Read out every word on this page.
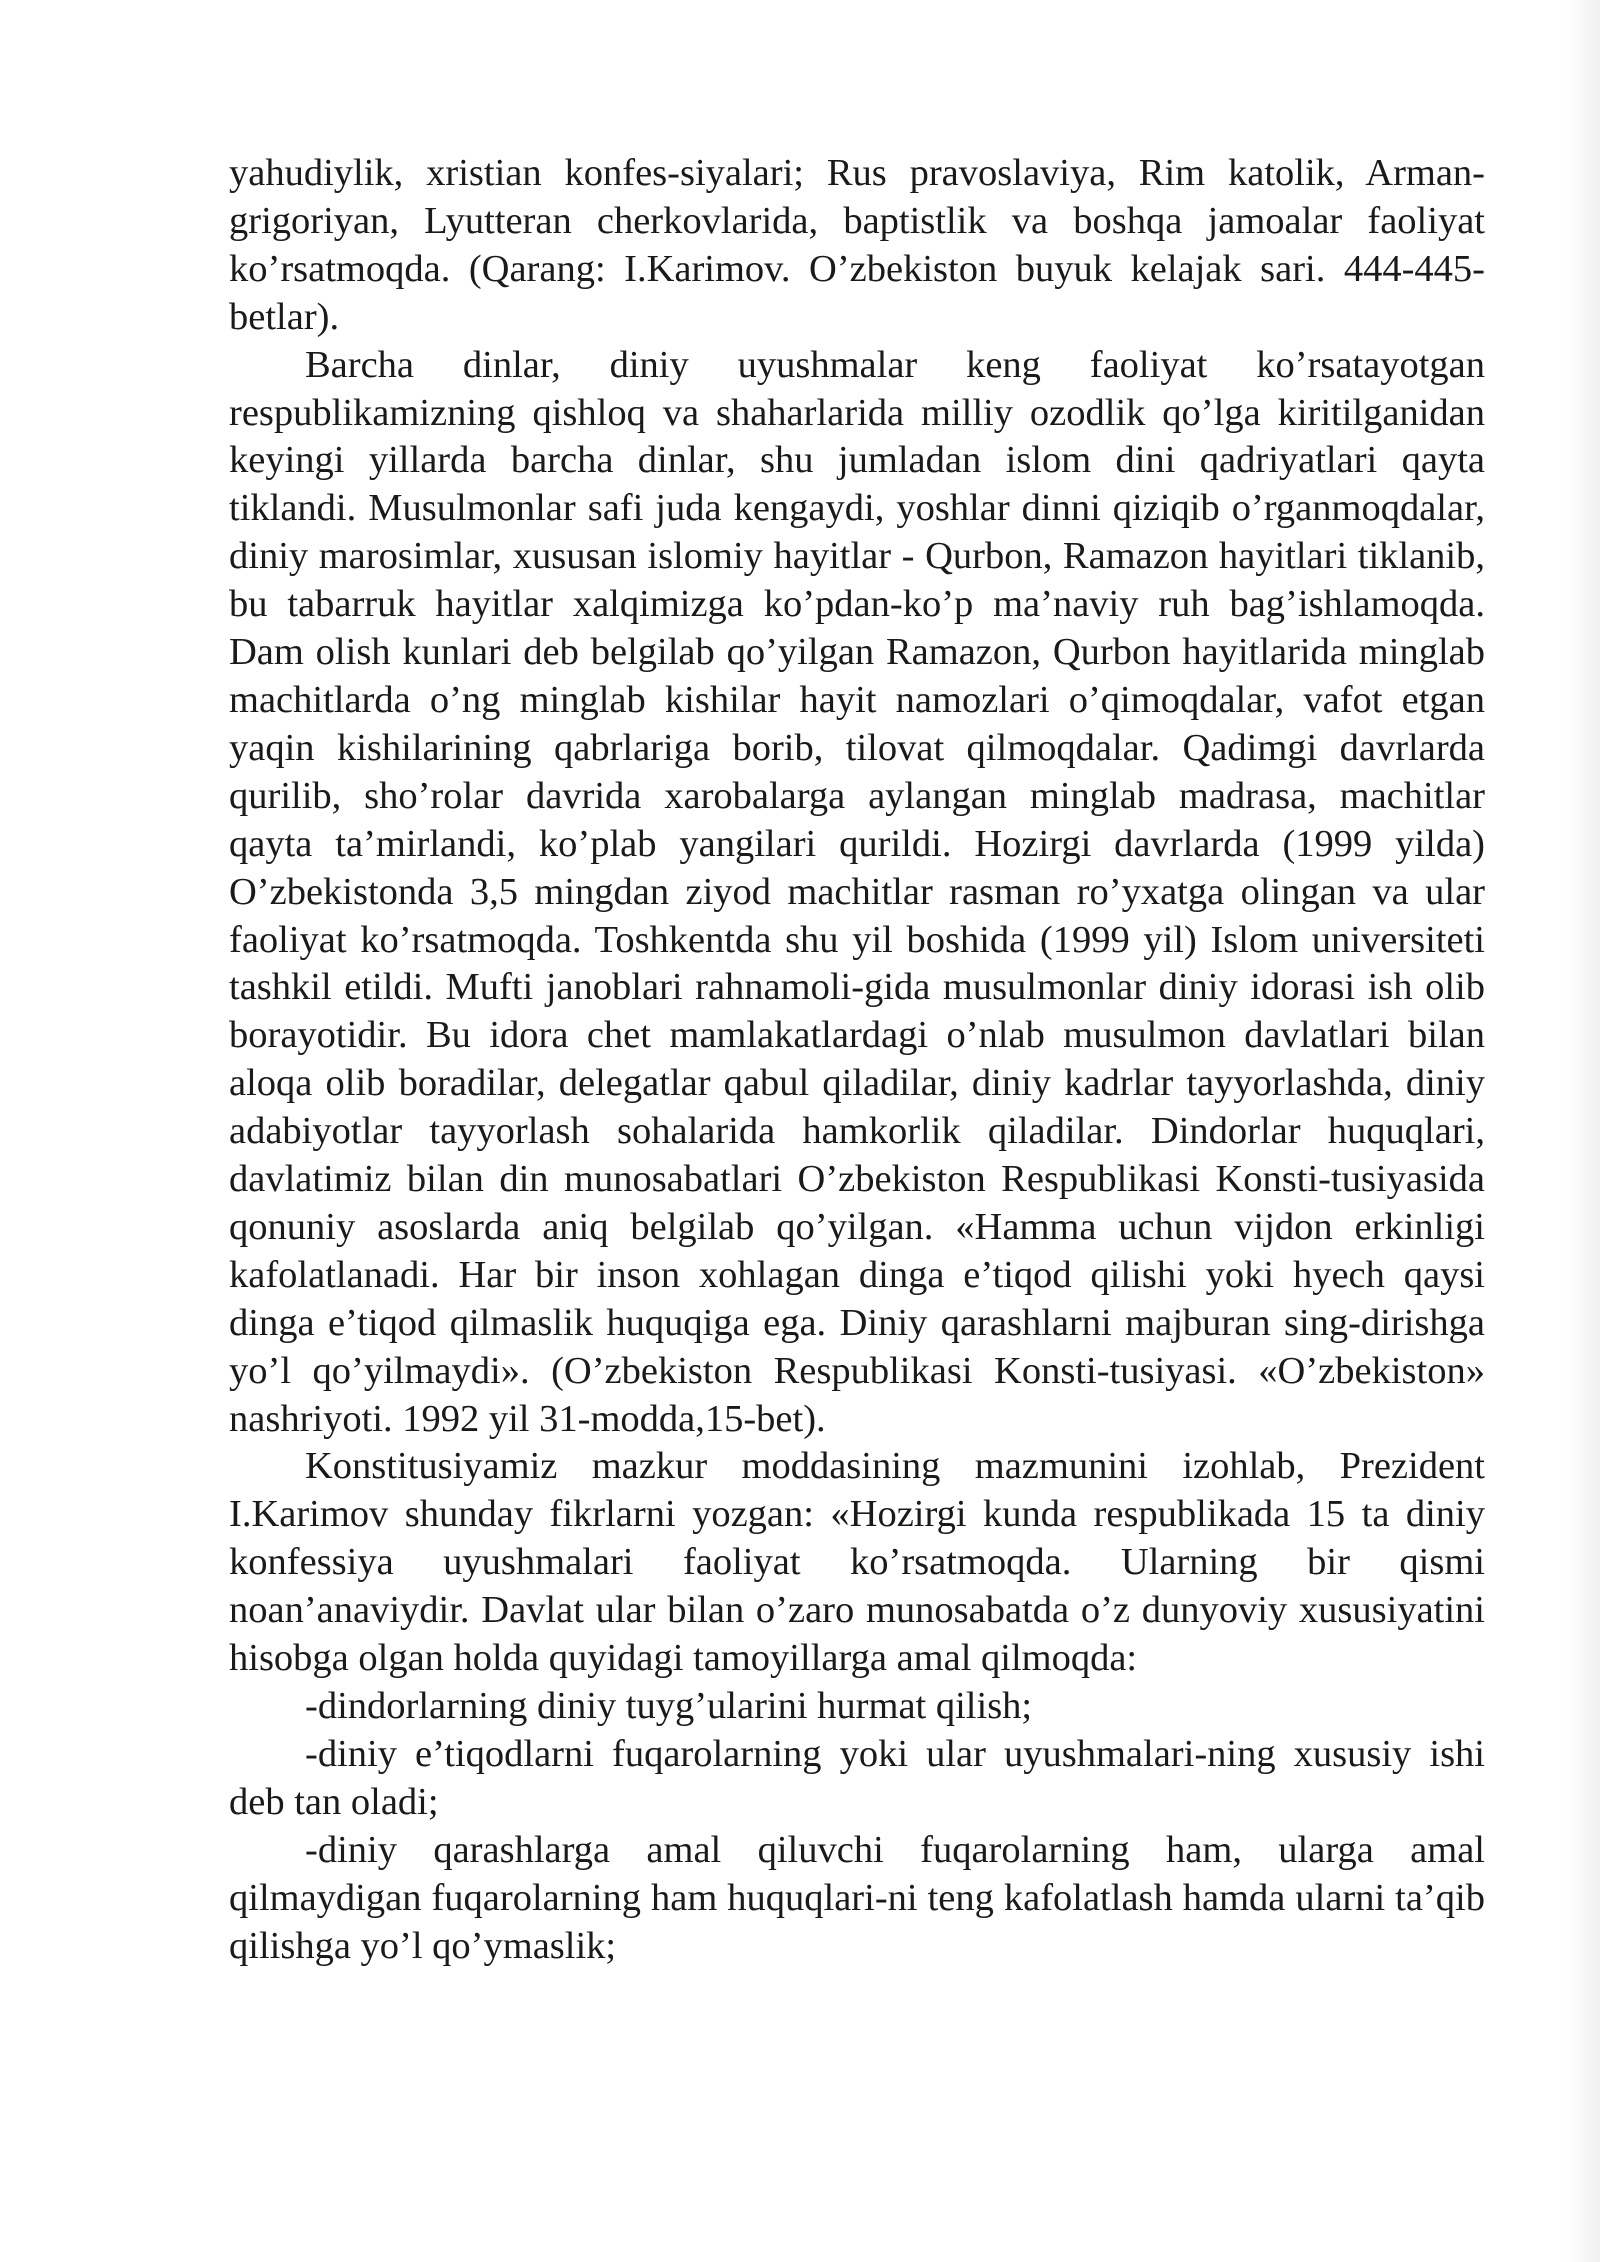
yahudiylik, xristian konfes-siyalari; Rus pravoslaviya, Rim katolik, Arman-grigoriyan, Lyutteran cherkovlarida, baptistlik va boshqa jamoalar faoliyat ko’rsatmoqda. (Qarang: I.Karimov. O’zbekiston buyuk kelajak sari. 444-445-betlar).

Barcha dinlar, diniy uyushmalar keng faoliyat ko’rsatayotgan respublikamizning qishloq va shaharlarida milliy ozodlik qo’lga kiritilganidan keyingi yillarda barcha dinlar, shu jumladan islom dini qadriyatlari qayta tiklandi. Musulmonlar safi juda kengaydi, yoshlar dinni qiziqib o’rganmoqdalar, diniy marosimlar, xususan islomiy hayitlar - Qurbon, Ramazon hayitlari tiklanib, bu tabarruk hayitlar xalqimizga ko’pdan-ko’p ma’naviy ruh bag’ishlamoqda. Dam olish kunlari deb belgilab qo’yilgan Ramazon, Qurbon hayitlarida minglab machitlarda o’ng minglab kishilar hayit namozlari o’qimoqdalar, vafot etgan yaqin kishilarining qabrlariga borib, tilovat qilmoqdalar. Qadimgi davrlarda qurilib, sho’rolar davrida xarobalarga aylangan minglab madrasa, machitlar qayta ta’mirlandi, ko’plab yangilari qurildi. Hozirgi davrlarda (1999 yilda) O’zbekistonda 3,5 mingdan ziyod machitlar rasman ro’yxatga olingan va ular faoliyat ko’rsatmoqda. Toshkentda shu yil boshida (1999 yil) Islom universiteti tashkil etildi. Mufti janoblari rahnamoli-gida musulmonlar diniy idorasi ish olib borayotidir. Bu idora chet mamlakatlardagi o’nlab musulmon davlatlari bilan aloqa olib boradilar, delegatlar qabul qiladilar, diniy kadrlar tayyorlashda, diniy adabiyotlar tayyorlash sohalarida hamkorlik qiladilar. Dindorlar huquqlari, davlatimiz bilan din munosabatlari O’zbekiston Respublikasi Konsti-tusiyasida qonuniy asoslarda aniq belgilab qo’yilgan. «Hamma uchun vijdon erkinligi kafolatlanadi. Har bir inson xohlagan dinga e’tiqod qilishi yoki hyech qaysi dinga e’tiqod qilmaslik huquqiga ega. Diniy qarashlarni majburan sing-dirishga yo’l qo’yilmaydi». (O’zbekiston Respublikasi Konsti-tusiyasi. «O’zbekiston» nashriyoti. 1992 yil 31-modda,15-bet).

Konstitusiyamiz mazkur moddasining mazmunini izohlab, Prezident I.Karimov shunday fikrlarni yozgan: «Hozirgi kunda respublikada 15 ta diniy konfessiya uyushmalari faoliyat ko’rsatmoqda. Ularning bir qismi noan’anaviydir. Davlat ular bilan o’zaro munosabatda o’z dunyoviy xususiyatini hisobga olgan holda quyidagi tamoyillarga amal qilmoqda:

-dindorlarning diniy tuyg’ularini hurmat qilish;

-diniy e’tiqodlarni fuqarolarning yoki ular uyushmalari-ning xususiy ishi deb tan oladi;

-diniy qarashlarga amal qiluvchi fuqarolarning ham, ularga amal qilmaydigan fuqarolarning ham huquqlari-ni teng kafolatlash hamda ularni ta’qib qilishga yo’l qo’ymaslik;
